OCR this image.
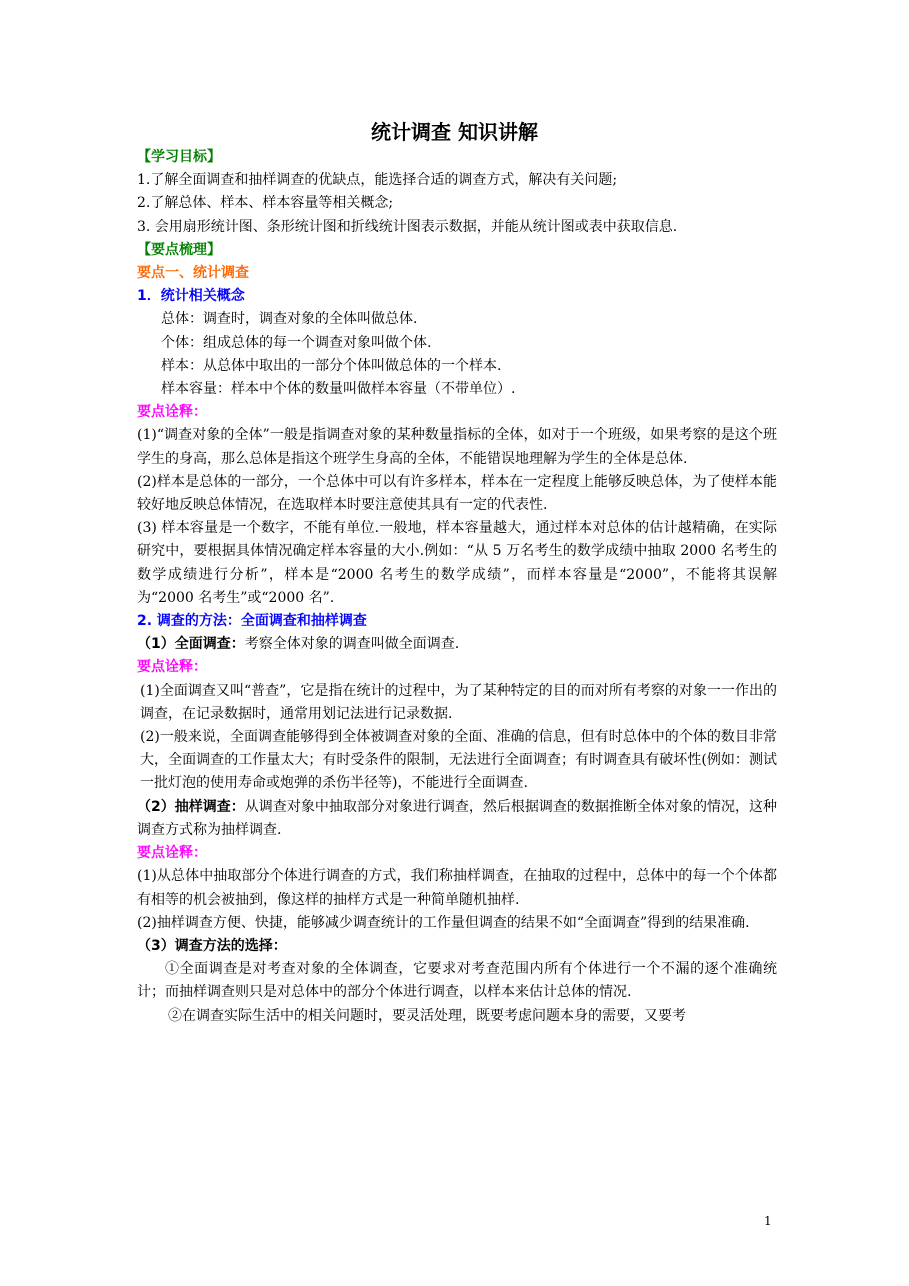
统计调查 知识讲解

【学习目标】

1.了解全面调查和抽样调查的优缺点，能选择合适的调查方式，解决有关问题;

2.了解总体、样本、样本容量等相关概念;

3. 会用扇形统计图、条形统计图和折线统计图表示数据，并能从统计图或表中获取信息.

【要点梳理】

要点一、统计调查

1．统计相关概念

总体：调查时，调查对象的全体叫做总体.

个体：组成总体的每一个调查对象叫做个体.

样本：从总体中取出的一部分个体叫做总体的一个样本.

样本容量：样本中个体的数量叫做样本容量（不带单位）.

要点诠释：

(1)“调查对象的全体”一般是指调查对象的某种数量指标的全体，如对于一个班级，如果考察的是这个班学生的身高，那么总体是指这个班学生身高的全体，不能错误地理解为学生的全体是总体.

(2)样本是总体的一部分，一个总体中可以有许多样本，样本在一定程度上能够反映总体，为了使样本能较好地反映总体情况，在选取样本时要注意使其具有一定的代表性.

(3) 样本容量是一个数字，不能有单位.一般地，样本容量越大，通过样本对总体的估计越精确，在实际研究中，要根据具体情况确定样本容量的大小.例如：“从 5 万名考生的数学成绩中抽取 2000 名考生的数学成绩进行分析”，样本是“2000 名考生的数学成绩”，而样本容量是“2000”，不能将其误解为“2000 名考生”或“2000 名”.

2. 调查的方法：全面调查和抽样调查

（1）全面调查：考察全体对象的调查叫做全面调查.

要点诠释：

(1)全面调查又叫“普查”，它是指在统计的过程中，为了某种特定的目的而对所有考察的对象一一作出的调查，在记录数据时，通常用划记法进行记录数据.

(2)一般来说，全面调查能够得到全体被调查对象的全面、准确的信息，但有时总体中的个体的数目非常大，全面调查的工作量太大；有时受条件的限制，无法进行全面调查；有时调查具有破坏性(例如：测试一批灯泡的使用寿命或炮弹的杀伤半径等)，不能进行全面调查.

（2）抽样调查：从调查对象中抽取部分对象进行调查，然后根据调查的数据推断全体对象的情况，这种调查方式称为抽样调查.

要点诠释：

(1)从总体中抽取部分个体进行调查的方式，我们称抽样调查，在抽取的过程中，总体中的每一个个体都有相等的机会被抽到，像这样的抽样方式是一种简单随机抽样.

(2)抽样调查方便、快捷，能够减少调查统计的工作量但调查的结果不如“全面调查”得到的结果准确.

（3）调查方法的选择：

①全面调查是对考查对象的全体调查，它要求对考查范围内所有个体进行一个不漏的逐个准确统计；而抽样调查则只是对总体中的部分个体进行调查，以样本来估计总体的情况.

②在调查实际生活中的相关问题时，要灵活处理，既要考虑问题本身的需要，又要考

1
